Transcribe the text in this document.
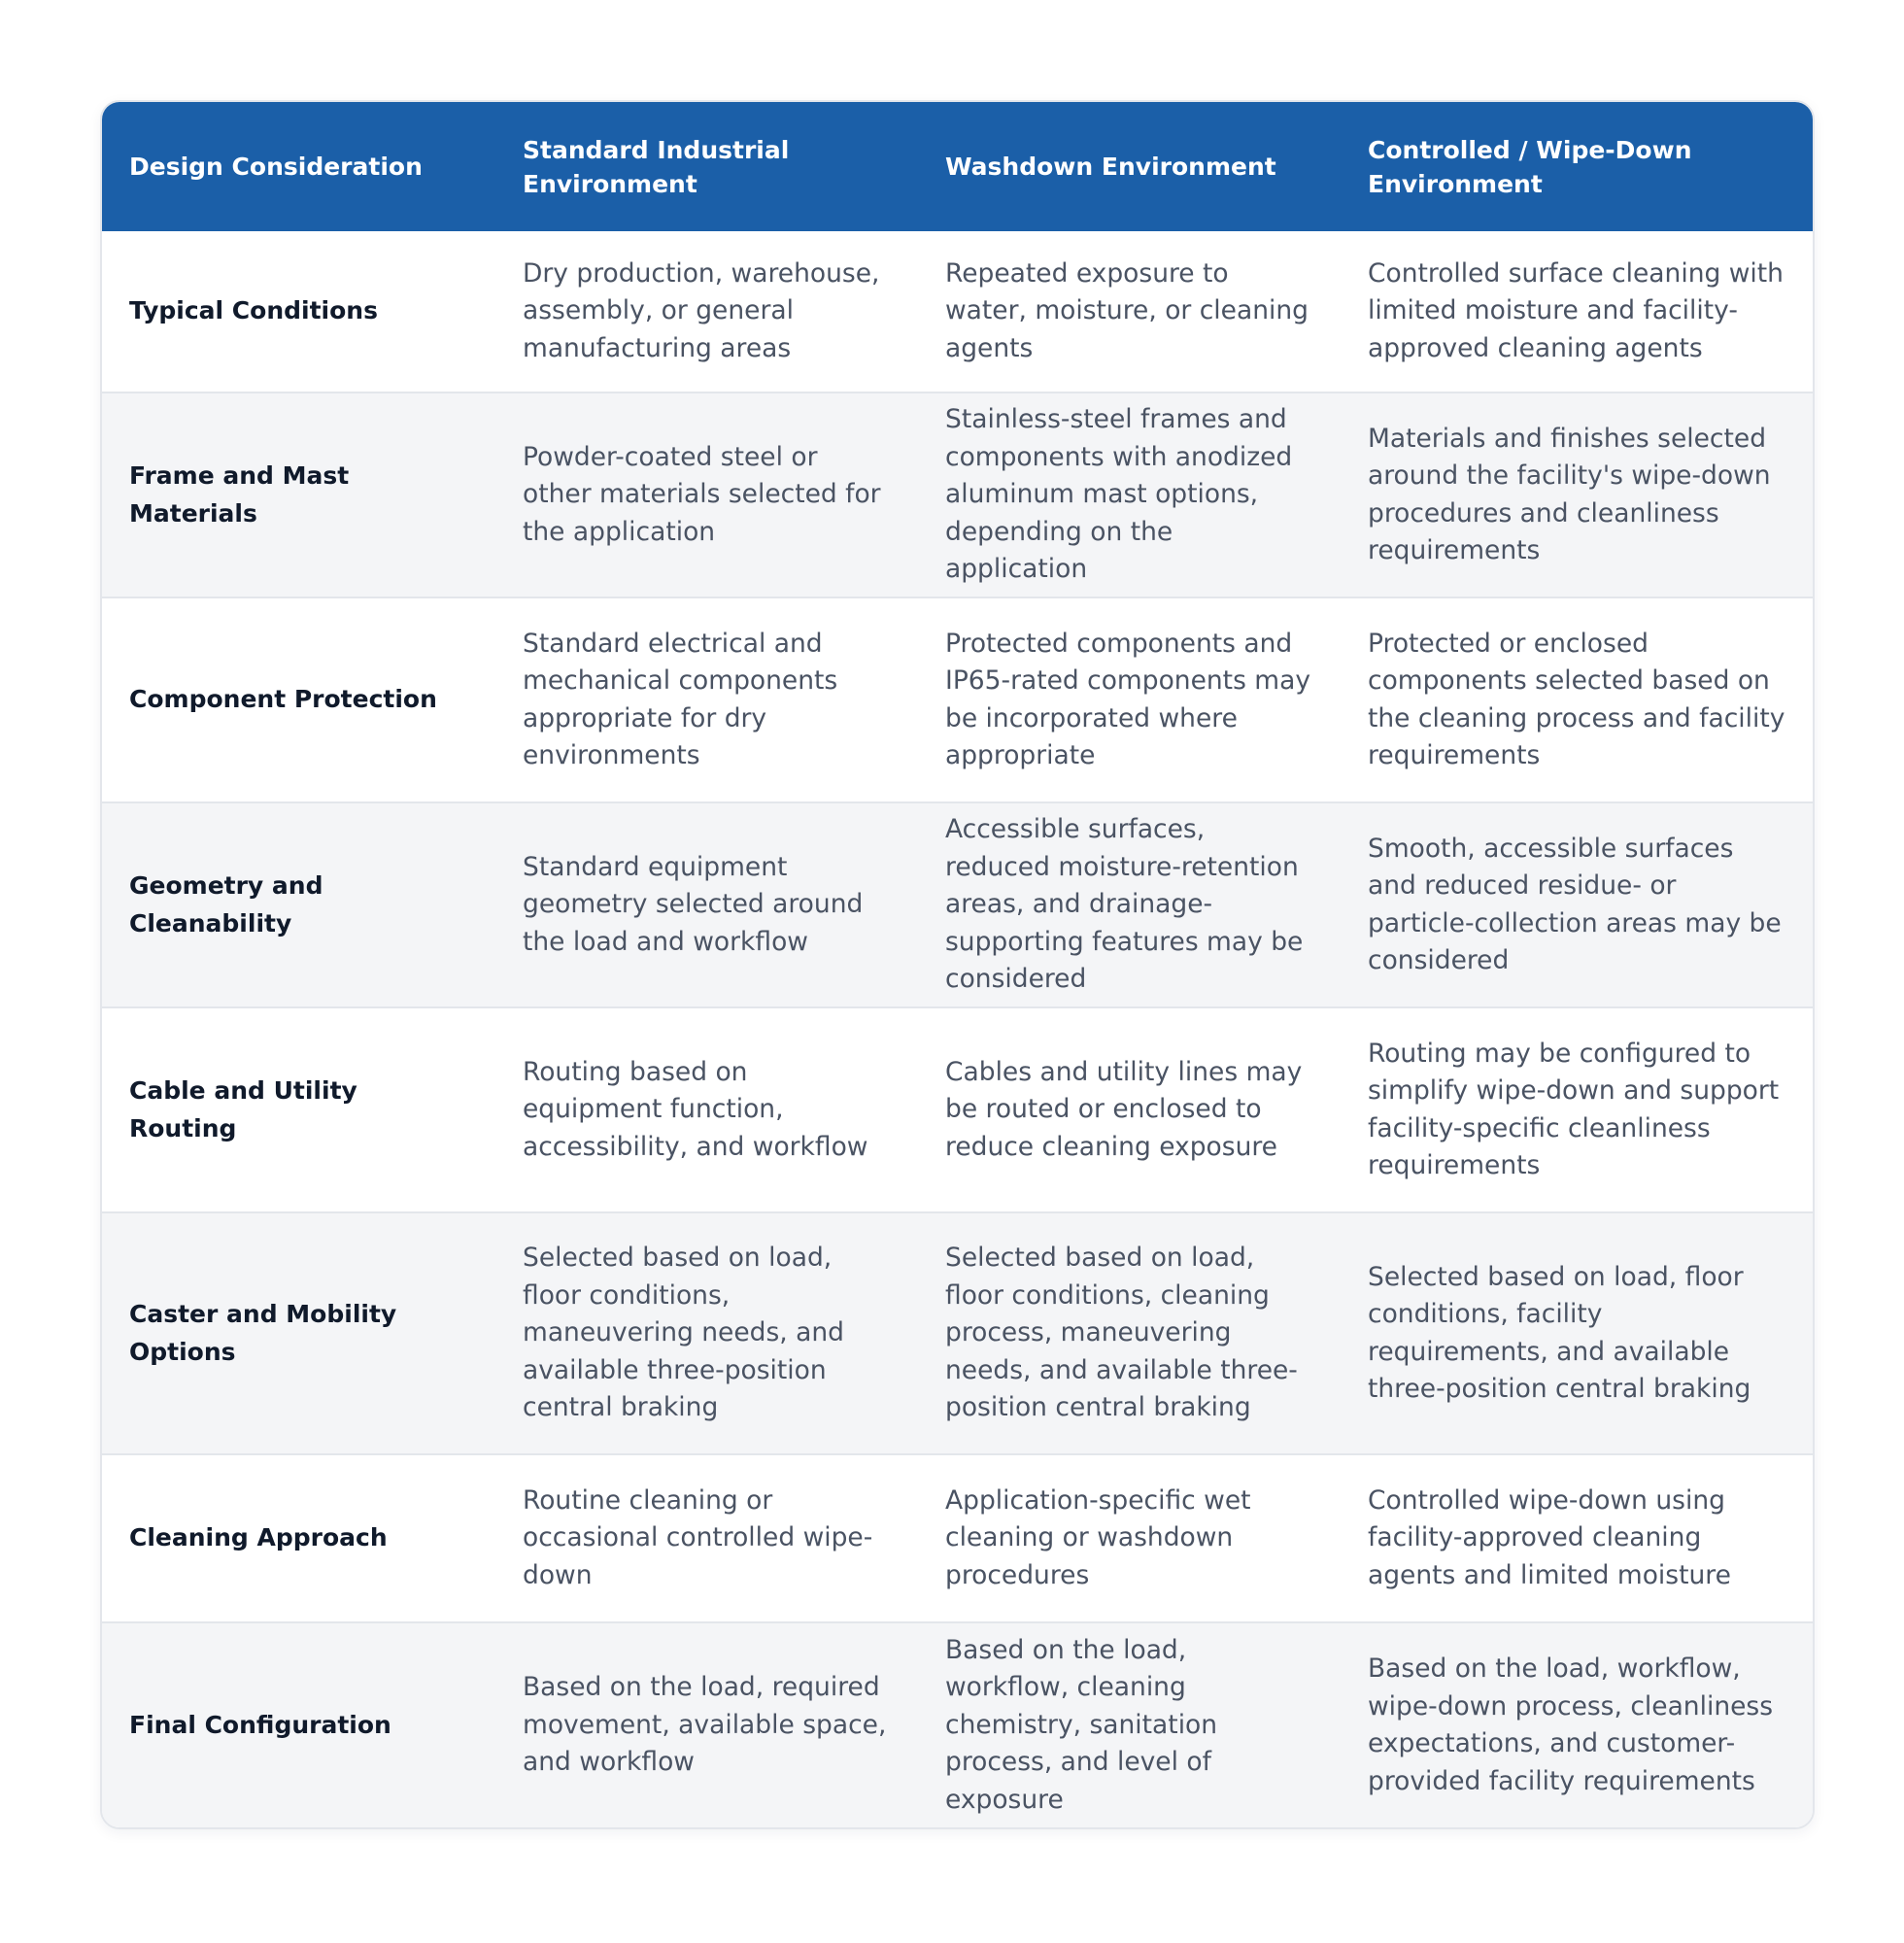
Design Consideration	Standard Industrial Environment	Washdown Environment	Controlled / Wipe-Down Environment
Typical Conditions	Dry production, warehouse, assembly, or general manufacturing areas	Repeated exposure to water, moisture, or cleaning agents	Controlled surface cleaning with limited moisture and facility-approved cleaning agents
Frame and Mast Materials	Powder-coated steel or other materials selected for the application	Stainless-steel frames and components with anodized aluminum mast options, depending on the application	Materials and finishes selected around the facility's wipe-down procedures and cleanliness requirements
Component Protection	Standard electrical and mechanical components appropriate for dry environments	Protected components and IP65-rated components may be incorporated where appropriate	Protected or enclosed components selected based on the cleaning process and facility requirements
Geometry and Cleanability	Standard equipment geometry selected around the load and workflow	Accessible surfaces, reduced moisture-retention areas, and drainage-supporting features may be considered	Smooth, accessible surfaces and reduced residue- or particle-collection areas may be considered
Cable and Utility Routing	Routing based on equipment function, accessibility, and workflow	Cables and utility lines may be routed or enclosed to reduce cleaning exposure	Routing may be configured to simplify wipe-down and support facility-specific cleanliness requirements
Caster and Mobility Options	Selected based on load, floor conditions, maneuvering needs, and available three-position central braking	Selected based on load, floor conditions, cleaning process, maneuvering needs, and available three-position central braking	Selected based on load, floor conditions, facility requirements, and available three-position central braking
Cleaning Approach	Routine cleaning or occasional controlled wipe-down	Application-specific wet cleaning or washdown procedures	Controlled wipe-down using facility-approved cleaning agents and limited moisture
Final Configuration	Based on the load, required movement, available space, and workflow	Based on the load, workflow, cleaning chemistry, sanitation process, and level of exposure	Based on the load, workflow, wipe-down process, cleanliness expectations, and customer-provided facility requirements
